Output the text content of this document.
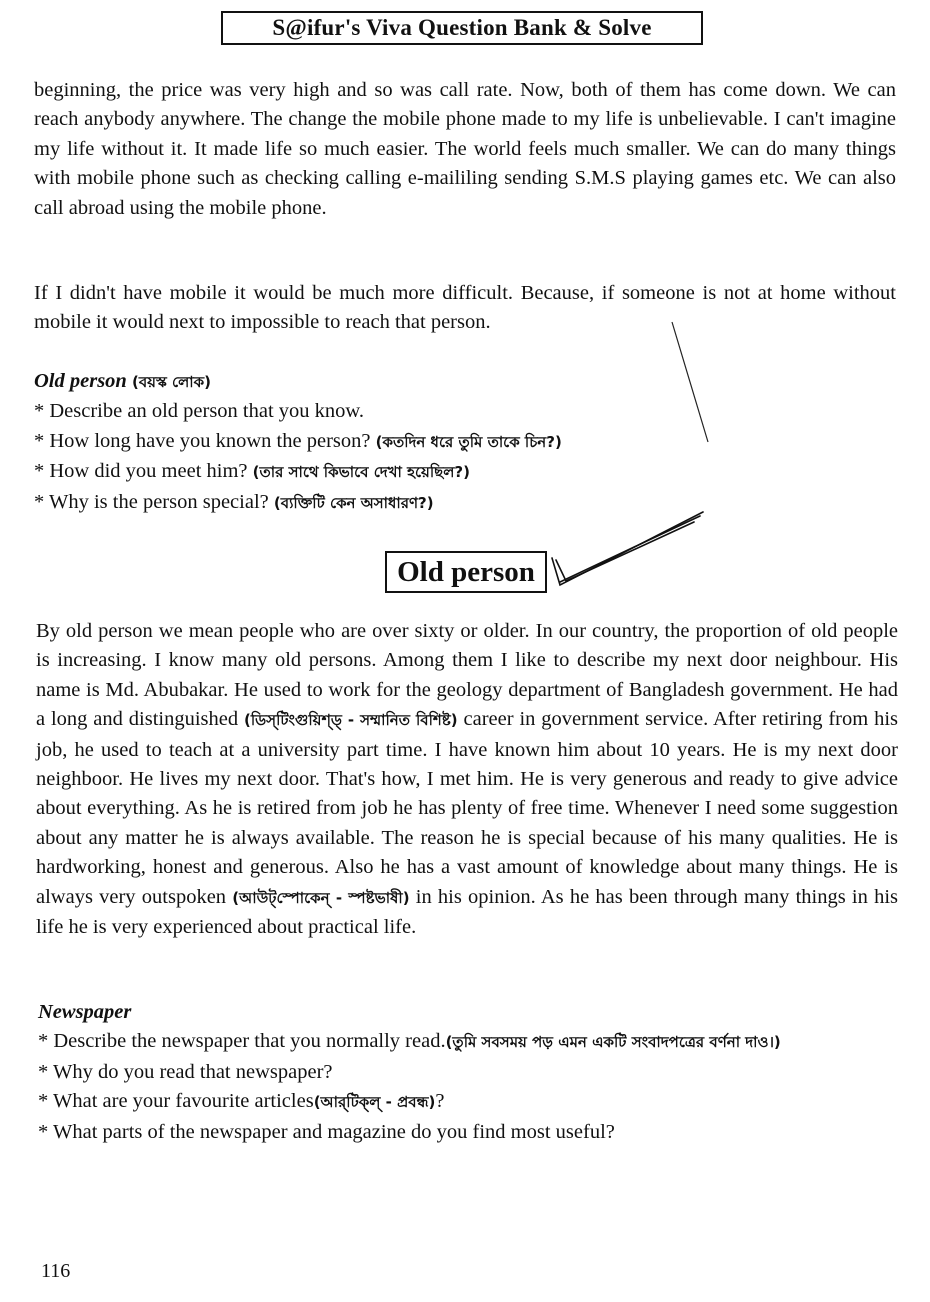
S@ifur's Viva Question Bank & Solve

beginning, the price was very high and so was call rate. Now, both of them has come down. We can reach anybody anywhere. The change the mobile phone made to my life is unbelievable. I can't imagine my life without it. It made life so much easier. The world feels much smaller. We can do many things with mobile phone such as checking calling e-maililing sending S.M.S playing games etc. We can also call abroad using the mobile phone.

If I didn't have mobile it would be much more difficult. Because, if someone is not at home without mobile it would next to impossible to reach that person.

Old person (বয়স্ক লোক)
* Describe an old person that you know.
* How long have you known the person? (কতদিন ধরে তুমি তাকে চিন?)
* How did you meet him? (তার সাথে কিভাবে দেখা হয়েছিল?)
* Why is the person special? (ব্যক্তিটি কেন অসাধারণ?)
Old person

By old person we mean people who are over sixty or older. In our country, the proportion of old people is increasing. I know many old persons. Among them I like to describe my next door neighbour. His name is Md. Abubakar. He used to work for the geology department of Bangladesh government. He had a long and distinguished (ডিস্‌টিংগুয়িশ্‌ড্‌ - সম্মানিত বিশিষ্ট) career in government service. After retiring from his job, he used to teach at a university part time. I have known him about 10 years. He is my next door neighboor. He lives my next door. That's how, I met him. He is very generous and ready to give advice about everything. As he is retired from job he has plenty of free time. Whenever I need some suggestion about any matter he is always available. The reason he is special because of his many qualities. He is hardworking, honest and generous. Also he has a vast amount of knowledge about many things. He is always very outspoken (আউট্‌স্পোকেন্‌ - স্পষ্টভাষী) in his opinion. As he has been through many things in his life he is very experienced about practical life.

Newspaper
* Describe the newspaper that you normally read.(তুমি সবসময় পড় এমন একটি সংবাদপত্রের বর্ণনা দাও।)
* Why do you read that newspaper?
* What are your favourite articles(আর্‌টিক্‌ল্‌ - প্রবন্ধ)?
* What parts of the newspaper and magazine do you find most useful?
116
